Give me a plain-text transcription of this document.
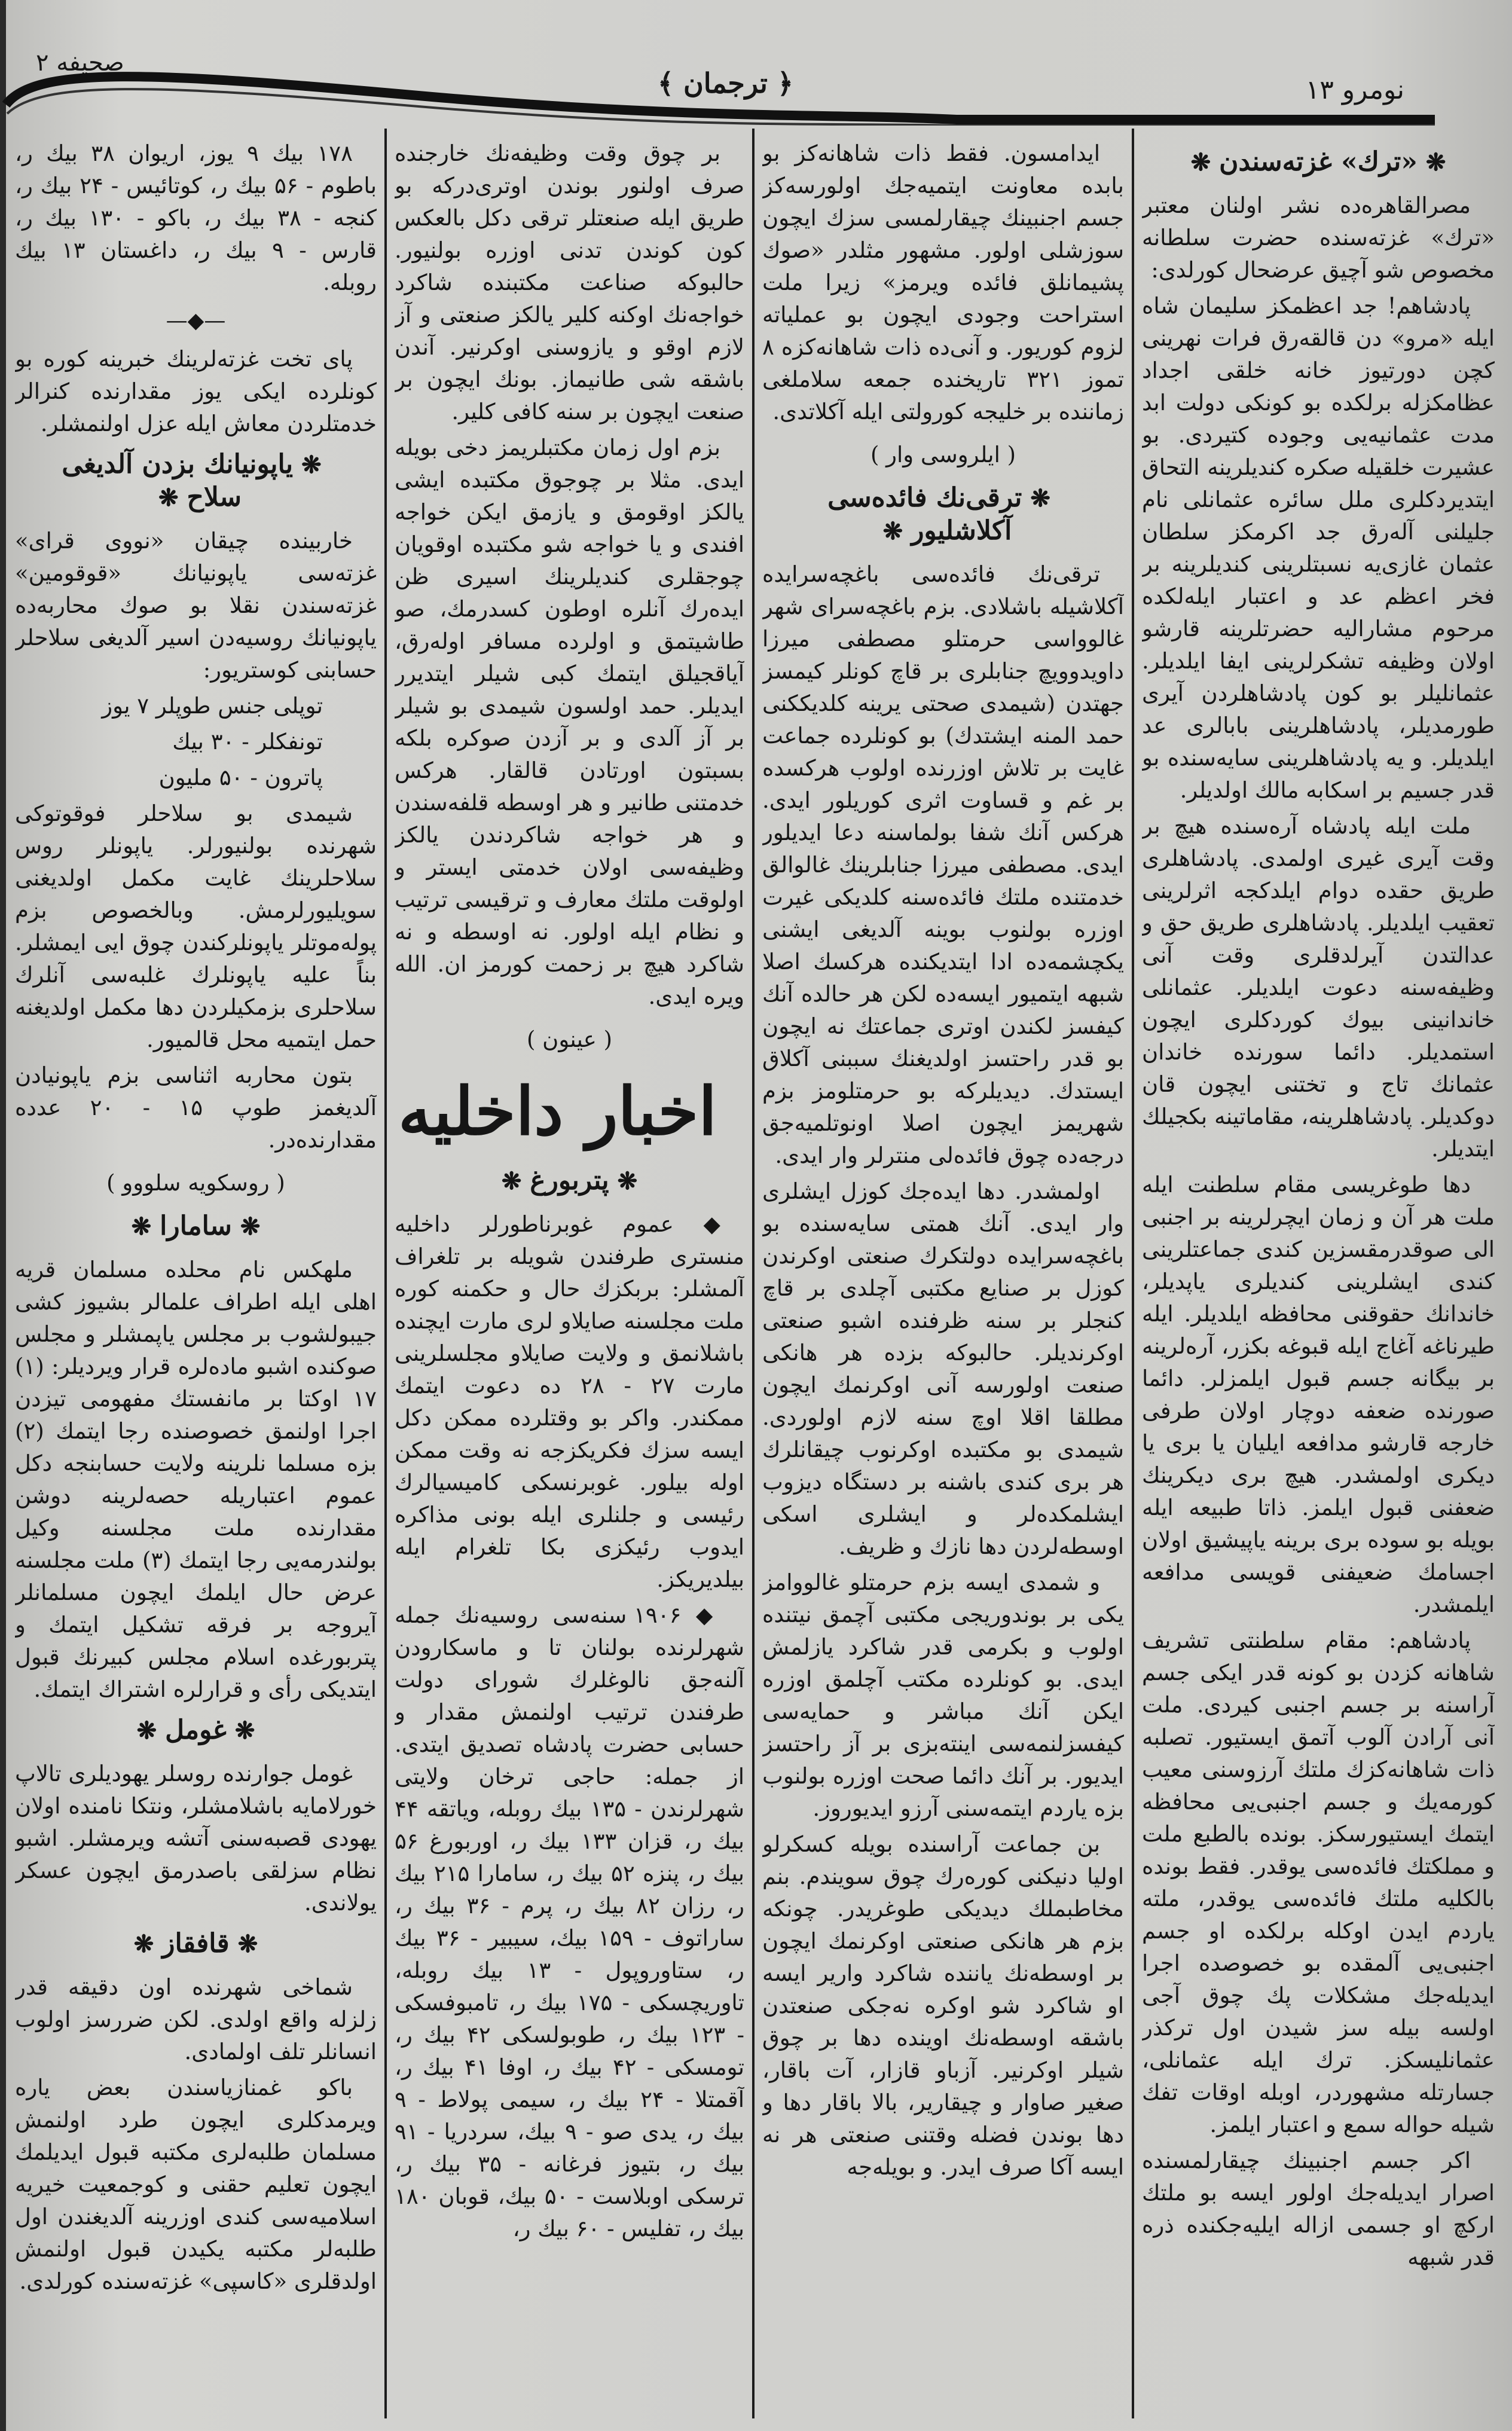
صحیفه ۲
﴾ ترجمان ﴿	نومرو ۱۳
❋«ترك» غزته‌سندن❋

مصرالقاهره‌ده نشر اولنان معتبر «ترك» غزته‌سنده حضرت سلطانه مخصوص شو آچیق عرضحال كورلدی:

پادشاهم! جد اعظمكز سلیمان شاه ایله «مرو» دن قالقه‌رق فرات نهرینی كچن دورتیوز خانه خلقی اجداد عظامكزله برلكده بو كونكی دولت ابد مدت عثمانیه‌یی وجوده كتیردی. بو عشیرت خلقیله صكره كندیلرینه التحاق ایتدیردكلری ملل سائره عثمانلی نام جلیلنی آلەرق جد اكرمكز سلطان عثمان غازی‌یه نسبتلرینی كندیلرینه بر فخر اعظم عد و اعتبار ایله‌لكده مرحوم مشارالیه حضرتلرینه قارشو اولان وظیفه تشكرلرینی ایفا ایلدیلر. عثمانلیلر بو كون پادشاهلردن آیری طورمدیلر، پادشاهلرینی بابالری عد ایلدیلر. و یه پادشاهلرینی سایه‌سنده بو قدر جسیم بر اسكابه مالك اولدیلر.

ملت ایله پادشاه آره‌سنده هیچ بر وقت آیری غیری اولمدی. پادشاهلری طریق حقده دوام ایلدكجه اثرلرینی تعقیب ایلدیلر. پادشاهلری طریق حق و عدالتدن آیرلدقلری وقت آنی وظیفه‌سنه دعوت ایلدیلر. عثمانلی خاندانینی بیوك كوردكلری ایچون استمدیلر. دائما سورنده خاندان عثمانك تاج و تختنی ایچون قان دوكدیلر. پادشاهلرینه، مقاماتینه بكجیلك ایتدیلر.

دها طوغریسی مقام سلطنت ایله ملت هر آن و زمان ایچرلرینه بر اجنبی الی صوقدرمقسزین كندی جماعتلرینی كندی ایشلرینی كندیلری یاپدیلر، خاندانك حقوقنی محافظه ایلدیلر. ایله طیرناغه آغاج ایله قبوغه بكزر، آره‌لرینه بر بیگانه جسم قبول ایلمزلر. دائما صورنده ضعفه دوچار اولان طرفی خارجه قارشو مدافعه ایلیان یا بری یا دیكری اولمشدر. هیچ بری دیكرینك ضعفنی قبول ایلمز. ذاتا طبیعه ایله بویله بو سوده بری برینه یاپیشیق اولان اجسامك ضعیفنی قویسی مدافعه ایلمشدر.

پادشاهم: مقام سلطنتی تشریف شاهانه كزدن بو كونه قدر ایكی جسم آراسنه بر جسم اجنبی كیردی. ملت آنی آرادن آلوب آتمق ایستیور. تصلبه ذات شاهانه‌كزك ملتك آرزوسنی معیب كورمه‌یك و جسم اجنبی‌یی محافظه ایتمك ایستیورسكز. بونده بالطبع ملت و مملكتك فائده‌سی یوقدر. فقط بونده بالكلیه ملتك فائده‌سی یوقدر، ملته یاردم ایدن اوكله برلكده او جسم اجنبی‌یی آلمقده بو خصوصده اجرا ایدیلە‌جك مشكلات پك چوق آجی اولسه بیله سز شیدن اول تركذر عثمانلیسكز. ترك ایله عثمانلی، جسارتله مشهوردر، اوبله اوقات تفك شیله حواله سمع و اعتبار ایلمز.

اكر جسم اجنبینك چیقارلمسنده اصرار ایدیلە‌جك اولور ایسه بو ملتك اركچ او جسمی ازاله ایلیه‌جكنده ذره قدر شبهه

ایدامسون. فقط ذات شاهانه‌كز بو بابده معاونت ایتمیه‌جك اولورسه‌كز جسم اجنبینك چیقارلمسی سزك ایچون سوزشلی اولور. مشهور مثلدر «صوك پشیمانلق فائده ویرمز» زیرا ملت استراحت وجودی ایچون بو عملیاته لزوم كوریور. و آنی‌ده ذات شاهانه‌كزه ۸ تموز ۳۲۱ تاریخنده جمعه سلاملغی زماننده بر خلیجه كورولتی ایله آكلاتدی.

( ایلروسی وار )

❋ترقی‌نك فائده‌سی آكلاشلیور❋

ترقی‌نك فائده‌سی باغچه‌سرایده آكلاشیله باشلادی. بزم باغچه‌سرای شهر غالوواسی حرمتلو مصطفی میرزا داویدوویچ جنابلری بر قاچ كونلر كیمسز جهتدن (شیمدی صحتی یرینه كلدیككنی حمد المنه ایشتدك) بو كونلرده جماعت غایت بر تلاش اوزرنده اولوب هركسده بر غم و قساوت اثری كوریلور ایدی. هركس آنك شفا بولماسنه دعا ایدیلور ایدی. مصطفی میرزا جنابلرینك غالوالق خدمتنده ملتك فائده‌سنه كلدیكی غیرت اوزره بولنوب بوینه آلدیغی ایشنی یكچشمه‌ده ادا ایتدیكنده هركسك اصلا شبهه ایتمیور ایسه‌ده لكن هر حالده آنك كیفسز لكندن اوتری جماعتك نه ایچون بو قدر راحتسز اولدیغنك سببنی آكلاق ایستدك. دیدیلركه بو حرمتلومز بزم شهریمز ایچون اصلا اونوتلمیه‌جق درجه‌ده چوق فائده‌لی منترلر وار ایدی.

اولمشدر. دها ایدەجك كوزل ایشلری وار ایدی. آنك همتی سایه‌سنده بو باغچه‌سرایده دولتكرك صنعتی اوكرندن كوزل بر صنایع مكتبی آچلدی بر قاچ كنجلر بر سنه ظرفنده اشبو صنعتی اوكرندیلر. حالبوكه بزده هر هانكی صنعت اولورسه آنی اوكرنمك ایچون مطلقا اقلا اوچ سنه لازم اولوردی. شیمدی بو مكتبده اوكرنوب چیقانلرك هر بری كندی باشنه بر دستگاه دیزوب ایشلمكده‌لر و ایشلری اسكی اوسطه‌لردن دها نازك و ظریف.

و شمدی ایسه بزم حرمتلو غالووامز یكی بر بوندوریجی مكتبی آچمق نیتنده اولوب و بكرمی قدر شاكرد یازلمش ایدی. بو كونلرده مكتب آچلمق اوزره ایكن آنك مباشر و حمایه‌سی كیفسزلنمه‌سی اینته‌بزی بر آز راحتسز ایدیور. بر آنك دائما صحت اوزره بولنوب بزه یاردم ایتمه‌سنی آرزو ایدیوروز.

بن جماعت آراسنده بویله كسكرلو اولیا دنیكنی كوره‌رك چوق سویندم. بنم مخاطبملك دیدیكی طوغریدر. چونكه بزم هر هانكی صنعتی اوكرنمك ایچون بر اوسطه‌نك یاننده شاكرد واریر ایسه او شاكرد شو اوكره نه‌جكی صنعتدن باشقه اوسطه‌نك اوینده دها بر چوق شیلر اوكرنیر. آزباو قازار، آت باقار، صغیر صاوار و چیقاریر، بالا باقار دها و دها بوندن فضله وقتنی صنعتی هر نه ایسه آكا صرف ایدر. و بویله‌جه

بر چوق وقت وظیفه‌نك خارجنده صرف اولنور بوندن اوتری‌دركه بو طریق ایله صنعتلر ترقی دكل بالعكس كون كوندن تدنی اوزره بولنیور. حالبوكه صناعت مكتبنده شاكرد خواجه‌نك اوكنه كلیر یالكز صنعتی و آز لازم اوقو و یازوسنی اوكرنیر. آندن باشقه شی طانیماز. بونك ایچون بر صنعت ایچون بر سنه كافی كلیر.

بزم اول زمان مكتبلریمز دخی بویله ایدی. مثلا بر چوجوق مكتبده ایشی یالكز اوقومق و یازمق ایكن خواجه افندی و یا خواجه شو مكتبده اوقویان چوجقلری كندیلرینك اسیری ظن ایدەرك آنلره اوطون كسدرمك، صو طاشیتمق و اولرده مسافر اوله‌رق، آیاقجیلق ایتمك كبی شیلر ایتدیرر ایدیلر. حمد اولسون شیمدی بو شیلر بر آز آلدی و بر آزدن صوكره بلكه بسبتون اورتادن قالقار. هركس خدمتنی طانیر و هر اوسطه قلفه‌سندن و هر خواجه شاكردندن یالكز وظیفه‌سی اولان خدمتی ایستر و اولوقت ملتك معارف و ترقیسی ترتیب و نظام ایله اولور. نه اوسطه و نه شاكرد هیچ بر زحمت كورمز ان. الله ویره ایدی.

( عینون )

اخبار داخلیه

❋پتربورغ❋

◆ عموم غوبرناطورلر داخلیه منستری طرفندن شویله بر تلغراف آلمشلر: بربكزك حال و حكمنه كوره ملت مجلسنه صایلاو لری مارت ایچنده باشلانمق و ولایت صایلاو مجلسلرینی مارت ۲۷ - ۲۸ ده دعوت ایتمك ممكندر. واكر بو وقتلرده ممكن دكل ایسه سزك فكریكزجه نه وقت ممكن اوله بیلور. غوبرنسكی كامیسیالرك رئیسی و جلنلری ایله بونی مذاكره ایدوب رئیكزی بكا تلغرام ایله بیلدیریكز.

◆ ۱۹۰۶ سنه‌سی روسیه‌نك جمله شهرلرنده بولنان تا و ماسكارودن آلنه‌جق نالوغلرك شورای دولت طرفندن ترتیب اولنمش مقدار و حسابی حضرت پادشاه تصدیق ایتدی. از جمله: حاجی ترخان ولایتی شهرلرندن - ۱۳۵ بیك روبله، ویاتقه ۴۴ بیك ر، قزان ۱۳۳ بیك ر، اوربورغ ۵۶ بیك ر، پنزه ۵۲ بیك ر، سامارا ۲۱۵ بیك ر، رزان ۸۲ بیك ر، پرم - ۳۶ بیك ر، ساراتوف - ۱۵۹ بیك، سیبیر - ۳۶ بیك ر، ستاوروپول - ۱۳ بیك روبله، تاوریچسكی - ۱۷۵ بیك ر، تامبوفسكی - ۱۲۳ بیك ر، طوبولسكی ۴۲ بیك ر، تومسكی - ۴۲ بیك ر، اوفا ۴۱ بیك ر، آقمتلا - ۲۴ بیك ر، سیمی پولاط - ۹ بیك ر، یدی صو - ۹ بیك، سردریا - ۹۱ بیك ر، بتیوز فرغانه - ۳۵ بیك ر، ترسكی اوبلاست - ۵۰ بیك، قوبان ۱۸۰ بیك ر، تفلیس - ۶۰ بیك ر،

۱۷۸ بیك ۹ یوز، اریوان ۳۸ بیك ر، باطوم - ۵۶ بیك ر، كوتائیس - ۲۴ بیك ر، كنجه - ۳۸ بیك ر، باكو - ۱۳۰ بیك ر، قارس - ۹ بیك ر، داغستان ۱۳ بیك روبله.

—◆—

پای تخت غزته‌لرینك خبرینه كوره بو كونلرده ایكی یوز مقدارنده كنرالر خدمتلردن معاش ایله عزل اولنمشلر.

❋یاپونیانك بزدن آلدیغی سلاح❋

خاربینده چیقان «نووی قرای» غزته‌سی یاپونیانك «قوقومین» غزته‌سندن نقلا بو صوك محاربه‌ده یاپونیانك روسیه‌دن اسیر آلدیغی سلاحلر حسابنی كوستریور:

توپلی جنس طوپلر ۷ یوز

تونفكلر - ۳۰ بیك

پاترون - ۵۰ ملیون

شیمدی بو سلاحلر فوقوتوكی شهرنده بولنیورلر. یاپونلر روس سلاحلرینك غایت مكمل اولدیغنی سویلیورلرمش. وبالخصوص بزم پولەموتلر یاپونلركندن چوق ایی ایمشلر. بناً علیه یاپونلرك غلبه‌سی آنلرك سلاحلری بزمكیلردن دها مكمل اولدیغنه حمل ایتمیه محل قالمیور.

بتون محاربه اثناسی بزم یاپونیادن آلدیغمز طوپ ۱۵ - ۲۰ عدده مقدارنده‌در.

( روسكویه سلووو )

❋سامارا❋

ملهكس نام محلده مسلمان قریه اهلی ایله اطراف علمالر بشیوز كشی جیبولشوب بر مجلس یاپمشلر و مجلس صوكنده اشبو ماده‌لره قرار ویردیلر: (۱) ۱۷ اوكتا بر مانفستك مفهومی تیزدن اجرا اولنمق خصوصنده رجا ایتمك (۲) بزه مسلما نلرینه ولایت حسابنجه دكل عموم اعتباریله حصه‌لرینه دوشن مقدارنده ملت مجلسنه وكیل بولندرمه‌یی رجا ایتمك (۳) ملت مجلسنه عرض حال ایلمك ایچون مسلمانلر آیروجه بر فرقه تشكیل ایتمك و پتربورغده اسلام مجلس كبیرنك قبول ایتدیكی رأی و قرارلره اشتراك ایتمك.

❋غومل❋

غومل جوارنده روسلر یهودیلری تالاپ خورلامایه باشلامشلر، ونتكا نامنده اولان یهودی قصبه‌سنی آتشه ویرمشلر. اشبو نظام سزلقی باصدرمق ایچون عسكر یولاندی.

❋قافقاز❋

شماخی شهرنده اون دقیقه قدر زلزله واقع اولدی. لكن ضررسز اولوب انسانلر تلف اولمادی.

باكو غمنازیاسندن بعض یاره ویرمدكلری ایچون طرد اولنمش مسلمان طلبه‌لری مكتبه قبول ایدیلمك ایچون تعلیم حقنی و كوجمعیت خیریه اسلامیه‌سی كندی اوزرینه آلدیغندن اول طلبه‌لر مكتبه یكیدن قبول اولنمش اولدقلری «كاسپی» غزته‌سنده كورلدی.
